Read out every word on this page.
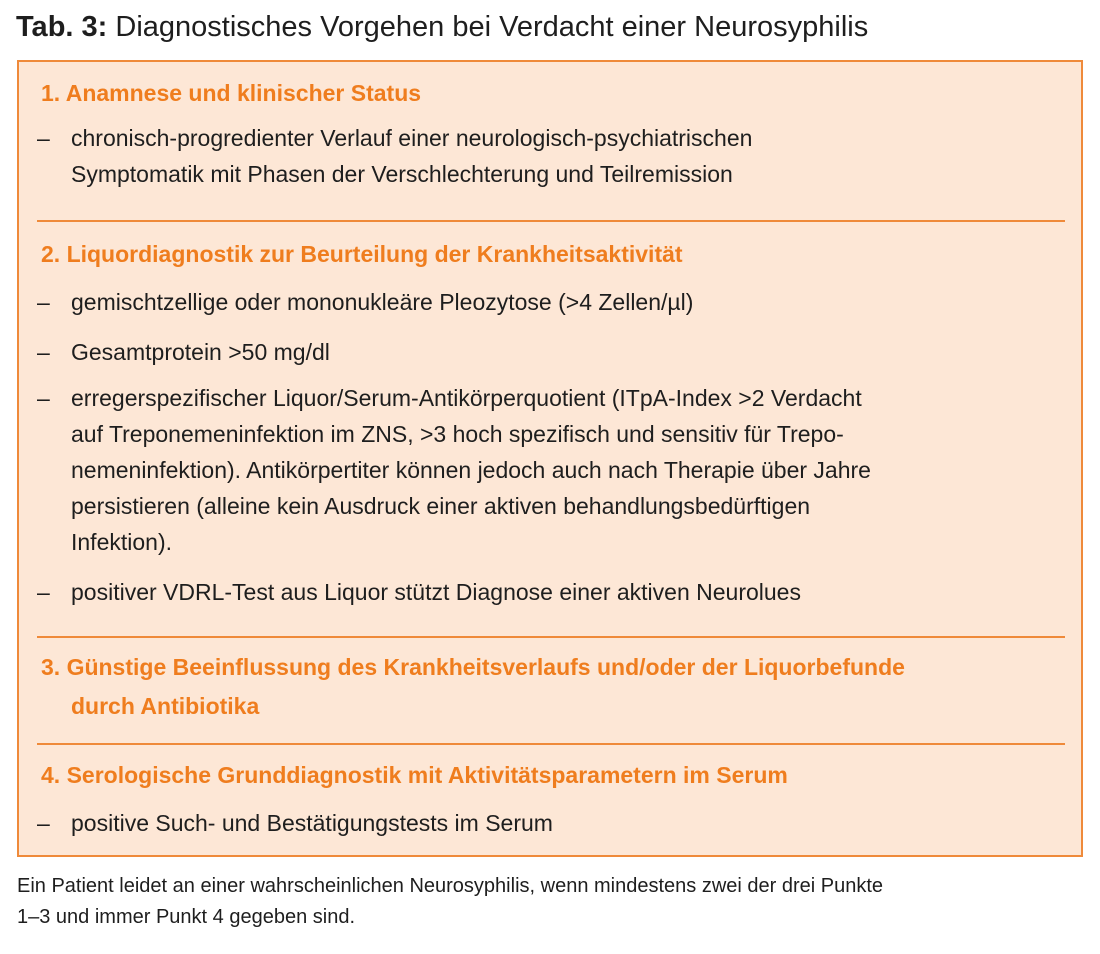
Tab. 3: Diagnostisches Vorgehen bei Verdacht einer Neurosyphilis
1. Anamnese und klinischer Status
– chronisch-progredienter Verlauf einer neurologisch-psychiatrischen
Symptomatik mit Phasen der Verschlechterung und Teilremission
2. Liquordiagnostik zur Beurteilung der Krankheitsaktivität
– gemischtzellige oder mononukleäre Pleozytose (>4 Zellen/µl)
– Gesamtprotein >50 mg/dl
– erregerspezifischer Liquor/Serum-Antikörperquotient (ITpA-Index >2 Verdacht
auf Treponemeninfektion im ZNS, >3 hoch spezifisch und sensitiv für Trepo-
nemeninfektion). Antikörpertiter können jedoch auch nach Therapie über Jahre
persistieren (alleine kein Ausdruck einer aktiven behandlungsbedürftigen
Infektion).
– positiver VDRL-Test aus Liquor stützt Diagnose einer aktiven Neurolues
3. Günstige Beeinflussung des Krankheitsverlaufs und/oder der Liquorbefunde
durch Antibiotika
4. Serologische Grunddiagnostik mit Aktivitätsparametern im Serum
– positive Such- und Bestätigungstests im Serum
Ein Patient leidet an einer wahrscheinlichen Neurosyphilis, wenn mindestens zwei der drei Punkte
1–3 und immer Punkt 4 gegeben sind.
